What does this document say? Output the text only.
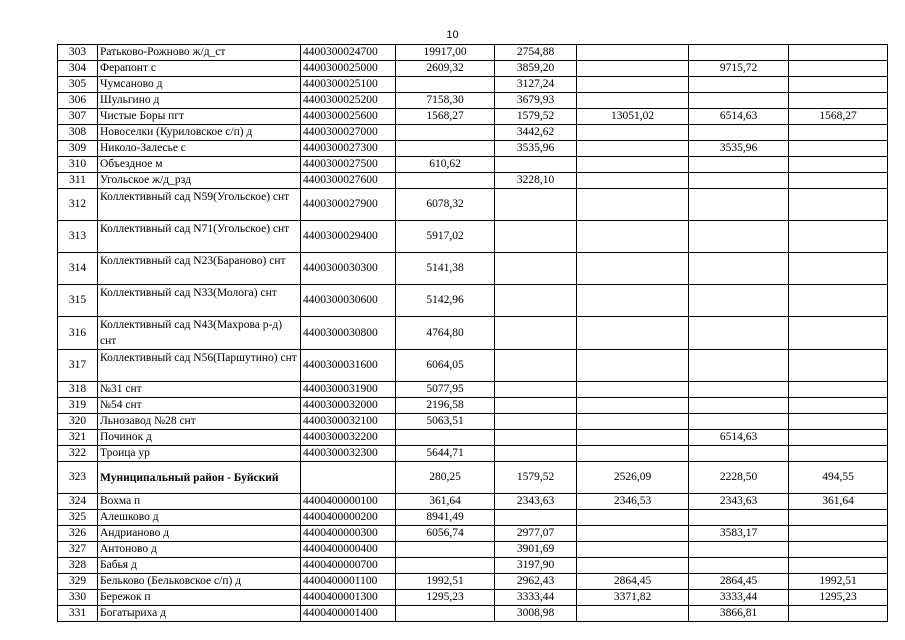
10
303	Ратьково-Рожново ж/д_ст	4400300024700	19917,00	2754,88			
304	Ферапонт с	4400300025000	2609,32	3859,20		9715,72	
305	Чумсаново д	4400300025100		3127,24			
306	Шульгино д	4400300025200	7158,30	3679,93			
307	Чистые Боры пгт	4400300025600	1568,27	1579,52	13051,02	6514,63	1568,27
308	Новоселки (Куриловское с/п) д	4400300027000		3442,62			
309	Николо-Залесье с	4400300027300		3535,96		3535,96	
310	Объездное м	4400300027500	610,62				
311	Угольское ж/д_рзд	4400300027600		3228,10			
312	Коллективный сад N59(Угольское) снт	4400300027900	6078,32				
313	Коллективный сад N71(Угольское) снт	4400300029400	5917,02				
314	Коллективный сад N23(Бараново) снт	4400300030300	5141,38				
315	Коллективный сад N33(Молога) снт	4400300030600	5142,96				
316	Коллективный сад N43(Махрова р-д) снт	4400300030800	4764,80				
317	Коллективный сад N56(Паршутино) снт	4400300031600	6064,05				
318	№31 снт	4400300031900	5077,95				
319	№54 снт	4400300032000	2196,58				
320	Льнозавод №28 снт	4400300032100	5063,51				
321	Починок д	4400300032200				6514,63	
322	Троица ур	4400300032300	5644,71				
323	Муниципальный район - Буйский		280,25	1579,52	2526,09	2228,50	494,55
324	Вохма п	4400400000100	361,64	2343,63	2346,53	2343,63	361,64
325	Алешково д	4400400000200	8941,49				
326	Андрианово д	4400400000300	6056,74	2977,07		3583,17	
327	Антоново д	4400400000400		3901,69			
328	Бабья д	4400400000700		3197,90			
329	Бельково (Бельковское с/п) д	4400400001100	1992,51	2962,43	2864,45	2864,45	1992,51
330	Бережок п	4400400001300	1295,23	3333,44	3371,82	3333,44	1295,23
331	Богатыриха д	4400400001400		3008,98		3866,81	
